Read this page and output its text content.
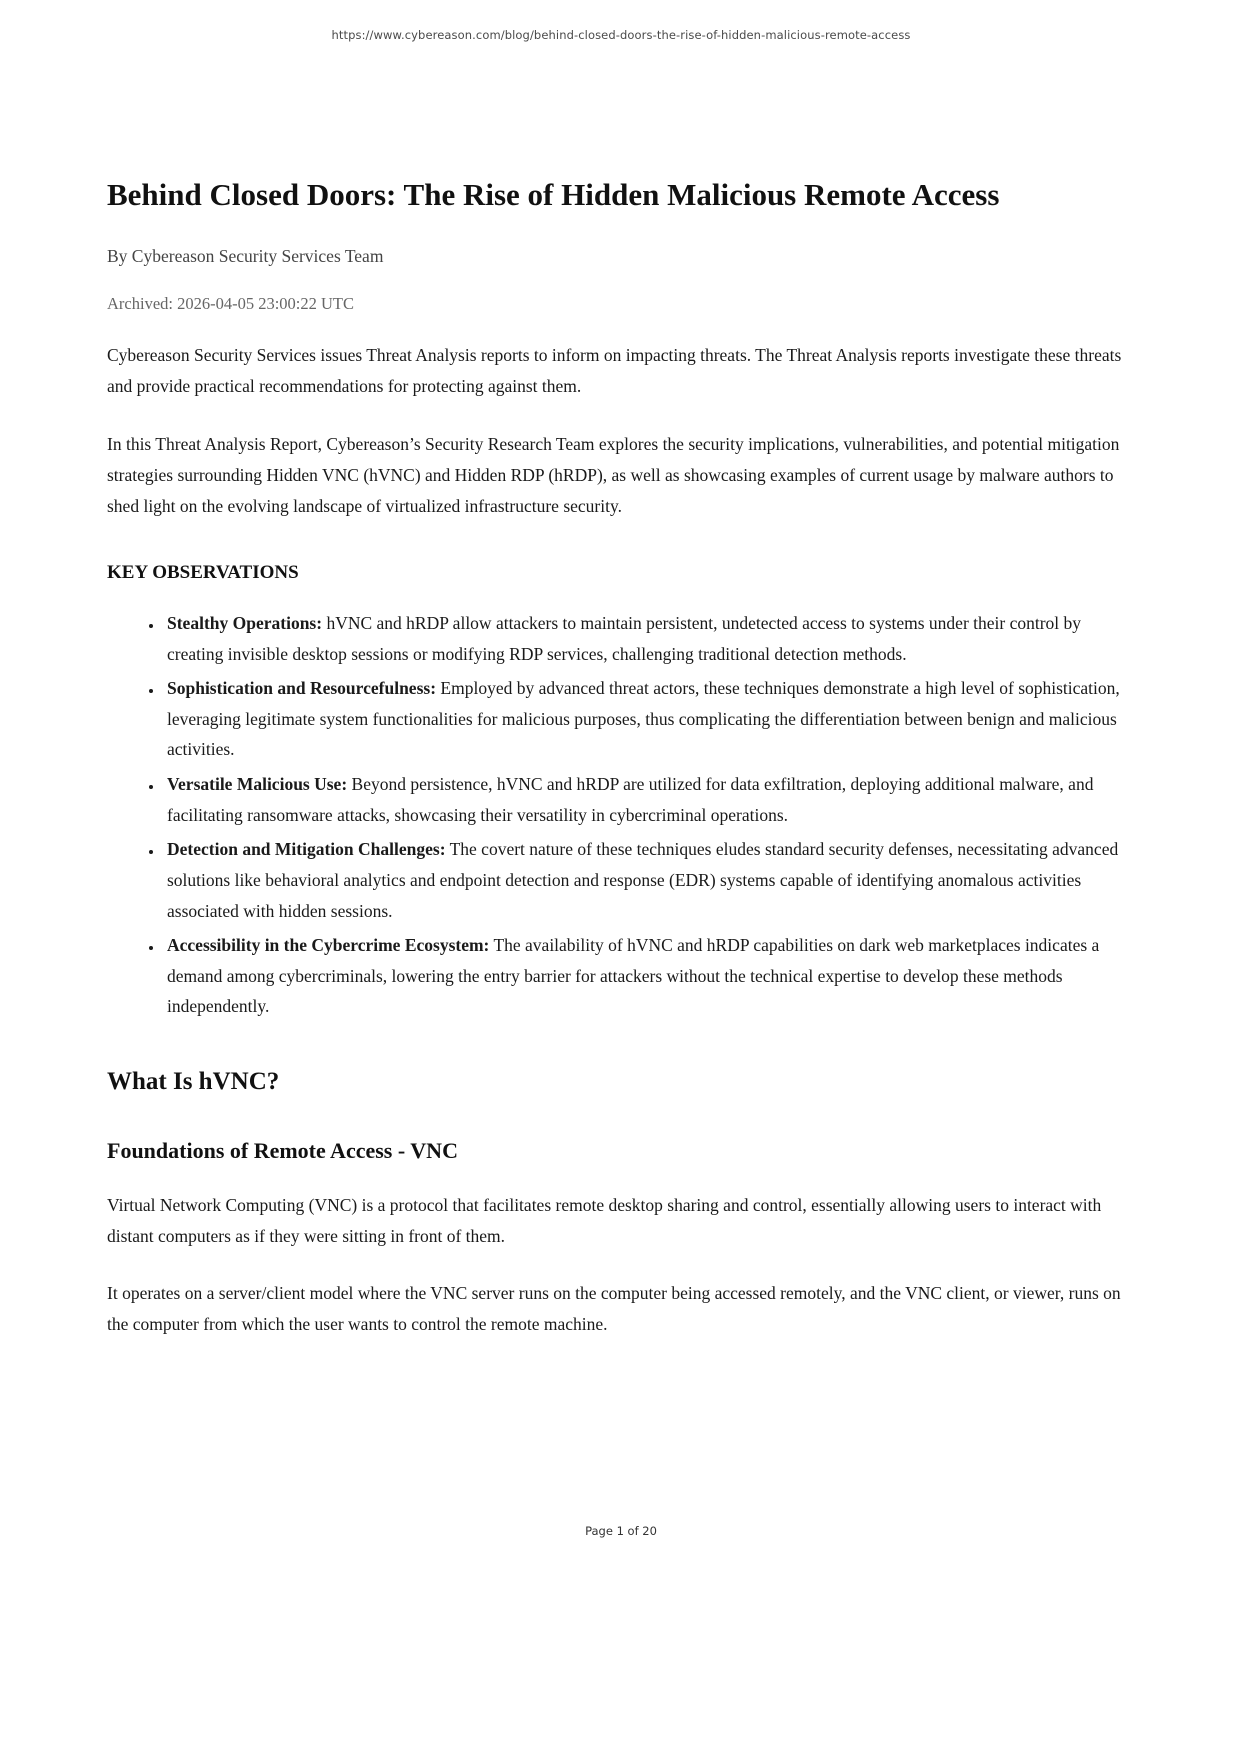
https://www.cybereason.com/blog/behind-closed-doors-the-rise-of-hidden-malicious-remote-access
Behind Closed Doors: The Rise of Hidden Malicious Remote Access
By Cybereason Security Services Team
Archived: 2026-04-05 23:00:22 UTC

Cybereason Security Services issues Threat Analysis reports to inform on impacting threats. The Threat Analysis reports investigate these threats and provide practical recommendations for protecting against them.

In this Threat Analysis Report, Cybereason’s Security Research Team explores the security implications, vulnerabilities, and potential mitigation strategies surrounding Hidden VNC (hVNC) and Hidden RDP (hRDP), as well as showcasing examples of current usage by malware authors to shed light on the evolving landscape of virtualized infrastructure security.

KEY OBSERVATIONS
• Stealthy Operations: hVNC and hRDP allow attackers to maintain persistent, undetected access to systems under their control by creating invisible desktop sessions or modifying RDP services, challenging traditional detection methods.
• Sophistication and Resourcefulness: Employed by advanced threat actors, these techniques demonstrate a high level of sophistication, leveraging legitimate system functionalities for malicious purposes, thus complicating the differentiation between benign and malicious activities.
• Versatile Malicious Use: Beyond persistence, hVNC and hRDP are utilized for data exfiltration, deploying additional malware, and facilitating ransomware attacks, showcasing their versatility in cybercriminal operations.
• Detection and Mitigation Challenges: The covert nature of these techniques eludes standard security defenses, necessitating advanced solutions like behavioral analytics and endpoint detection and response (EDR) systems capable of identifying anomalous activities associated with hidden sessions.
• Accessibility in the Cybercrime Ecosystem: The availability of hVNC and hRDP capabilities on dark web marketplaces indicates a demand among cybercriminals, lowering the entry barrier for attackers without the technical expertise to develop these methods independently.
What Is hVNC?
Foundations of Remote Access - VNC

Virtual Network Computing (VNC) is a protocol that facilitates remote desktop sharing and control, essentially allowing users to interact with distant computers as if they were sitting in front of them.

It operates on a server/client model where the VNC server runs on the computer being accessed remotely, and the VNC client, or viewer, runs on the computer from which the user wants to control the remote machine.

Page 1 of 20
